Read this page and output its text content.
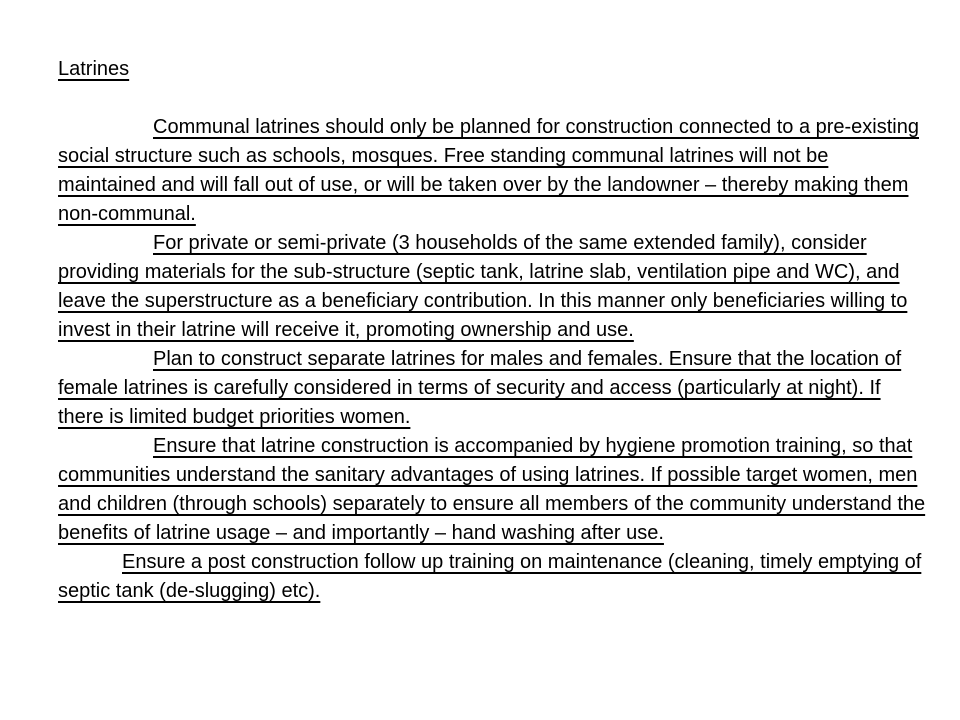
Latrines

Communal latrines should only be planned for construction connected to a pre-existing social structure such as schools, mosques. Free standing communal latrines will not be maintained and will fall out of use, or will be taken over by the landowner – thereby making them non-communal.

For private or semi-private (3 households of the same extended family), consider providing materials for the sub-structure (septic tank, latrine slab, ventilation pipe and WC), and leave the superstructure as a beneficiary contribution. In this manner only beneficiaries willing to invest in their latrine will receive it, promoting ownership and use.

Plan to construct separate latrines for males and females. Ensure that the location of female latrines is carefully considered in terms of security and access (particularly at night). If there is limited budget priorities women.

Ensure that latrine construction is accompanied by hygiene promotion training, so that communities understand the sanitary advantages of using latrines. If possible target women, men and children (through schools) separately to ensure all members of the community understand the benefits of latrine usage – and importantly – hand washing after use.

Ensure a post construction follow up training on maintenance (cleaning, timely emptying of septic tank (de-slugging) etc).
